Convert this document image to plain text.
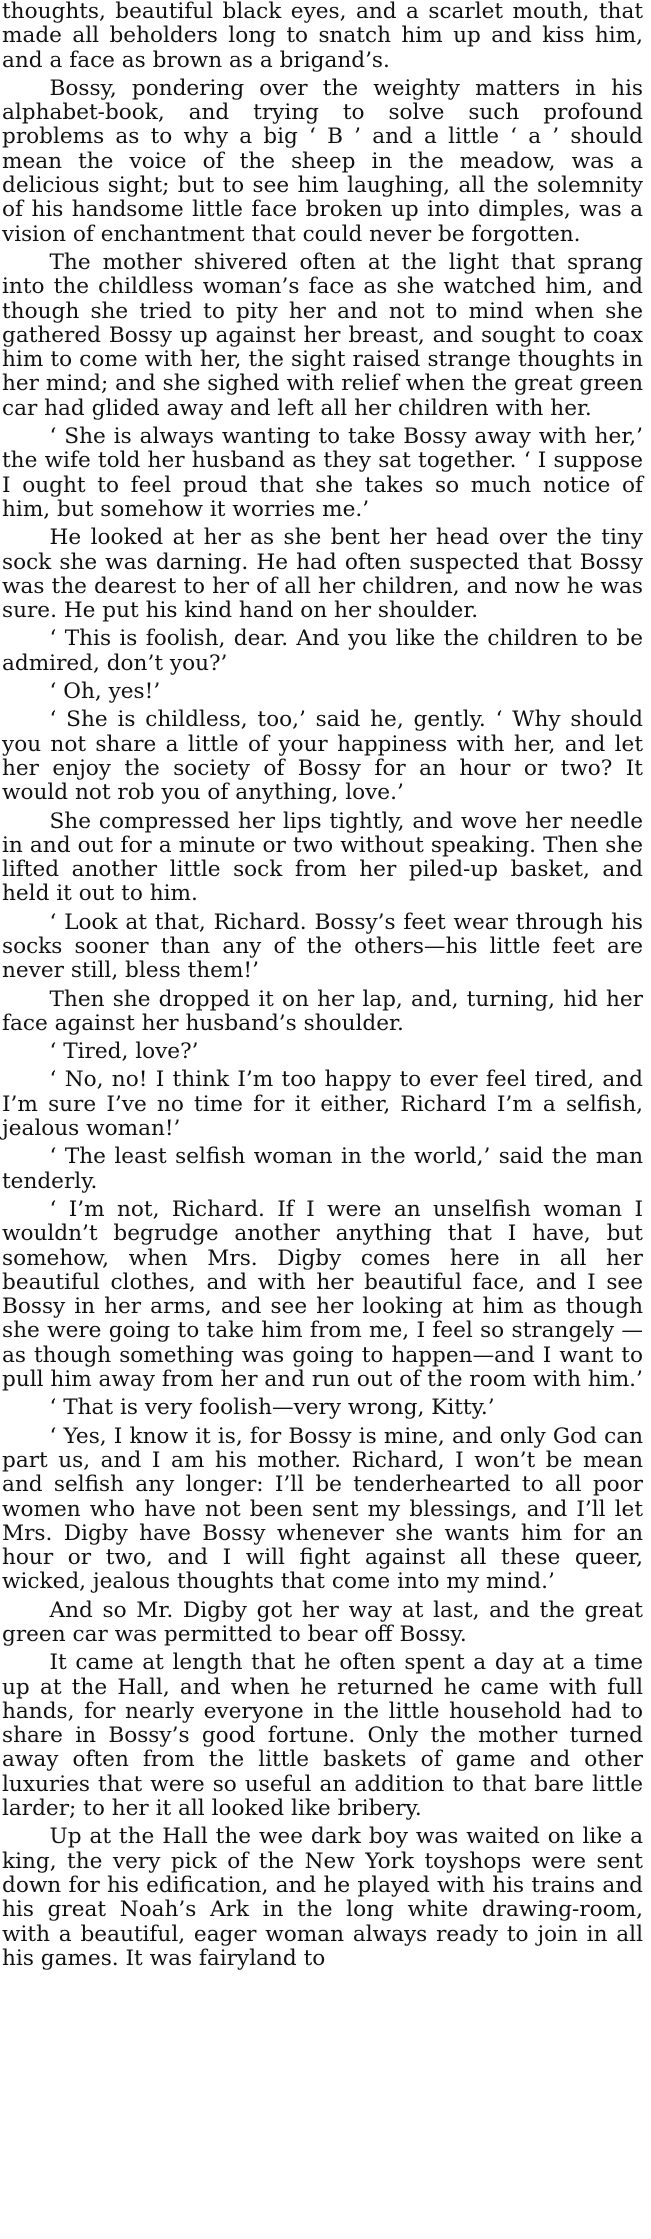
thoughts, beautiful black eyes, and a scarlet mouth, that made all beholders long to snatch him up and kiss him, and a face as brown as a brigand’s.

Bossy, pondering over the weighty matters in his alphabet-book, and trying to solve such profound problems as to why a big ‘ B ’ and a little ‘ a ’ should mean the voice of the sheep in the meadow, was a delicious sight; but to see him laughing, all the solemnity of his handsome little face broken up into dimples, was a vision of enchantment that could never be forgotten.

The mother shivered often at the light that sprang into the childless woman’s face as she watched him, and though she tried to pity her and not to mind when she gathered Bossy up against her breast, and sought to coax him to come with her, the sight raised strange thoughts in her mind; and she sighed with relief when the great green car had glided away and left all her children with her.

‘ She is always wanting to take Bossy away with her,’ the wife told her husband as they sat together. ‘ I suppose I ought to feel proud that she takes so much notice of him, but somehow it worries me.’

He looked at her as she bent her head over the tiny sock she was darning. He had often suspected that Bossy was the dearest to her of all her children, and now he was sure. He put his kind hand on her shoulder.

‘ This is foolish, dear. And you like the children to be admired, don’t you?’

‘ Oh, yes!’

‘ She is childless, too,’ said he, gently. ‘ Why should you not share a little of your happiness with her, and let her enjoy the society of Bossy for an hour or two? It would not rob you of anything, love.’

She compressed her lips tightly, and wove her needle in and out for a minute or two without speaking. Then she lifted another little sock from her piled-up basket, and held it out to him.

‘ Look at that, Richard. Bossy’s feet wear through his socks sooner than any of the others—his little feet are never still, bless them!’

Then she dropped it on her lap, and, turning, hid her face against her husband’s shoulder.

‘ Tired, love?’

‘ No, no! I think I’m too happy to ever feel tired, and I’m sure I’ve no time for it either, Richard I’m a selfish, jealous woman!’

‘ The least selfish woman in the world,’ said the man tenderly.

‘ I’m not, Richard. If I were an unselfish woman I wouldn’t begrudge another anything that I have, but somehow, when Mrs. Digby comes here in all her beautiful clothes, and with her beautiful face, and I see Bossy in her arms, and see her looking at him as though she were going to take him from me, I feel so strangely —as though something was going to happen—and I want to pull him away from her and run out of the room with him.’

‘ That is very foolish—very wrong, Kitty.’

‘ Yes, I know it is, for Bossy is mine, and only God can part us, and I am his mother. Richard, I won’t be mean and selfish any longer: I’ll be tenderhearted to all poor women who have not been sent my blessings, and I’ll let Mrs. Digby have Bossy whenever she wants him for an hour or two, and I will fight against all these queer, wicked, jealous thoughts that come into my mind.’

And so Mr. Digby got her way at last, and the great green car was permitted to bear off Bossy.

It came at length that he often spent a day at a time up at the Hall, and when he returned he came with full hands, for nearly everyone in the little household had to share in Bossy’s good fortune. Only the mother turned away often from the little baskets of game and other luxuries that were so useful an addition to that bare little larder; to her it all looked like bribery.

Up at the Hall the wee dark boy was waited on like a king, the very pick of the New York toyshops were sent down for his edification, and he played with his trains and his great Noah’s Ark in the long white drawing-room, with a beautiful, eager woman always ready to join in all his games. It was fairyland to
